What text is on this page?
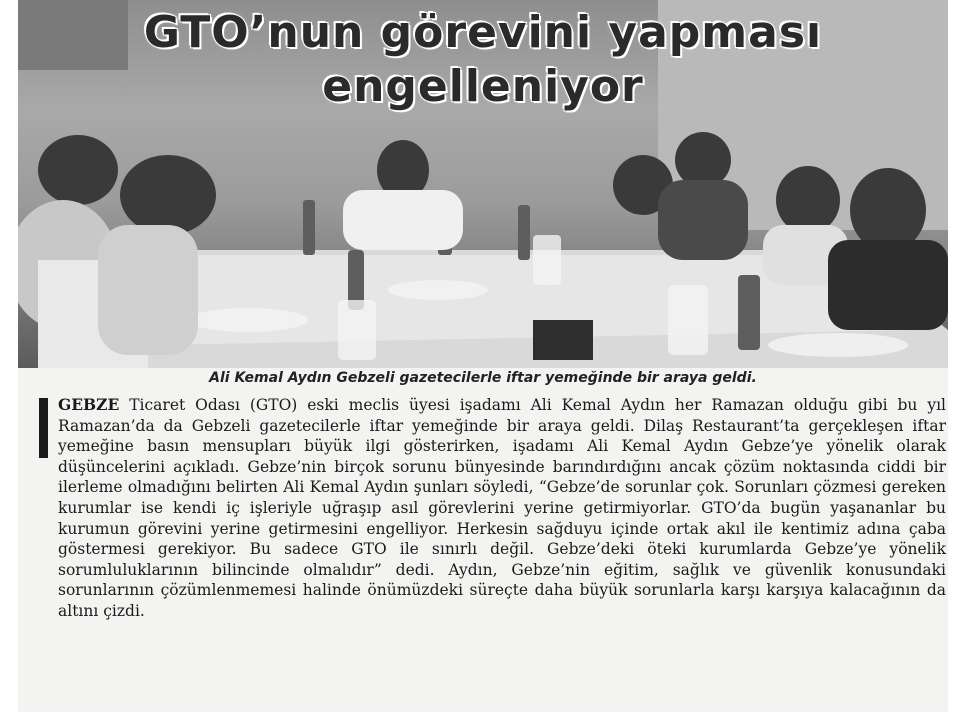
GTO’nun görevini yapması
engelleniyor
Ali Kemal Aydın Gebzeli gazetecilerle iftar yemeğinde bir araya geldi.
GEBZE Ticaret Odası (GTO) eski meclis üyesi işadamı Ali Kemal Aydın her Ramazan olduğu gibi bu yıl Ramazan’da da Gebzeli gazetecilerle iftar yemeğinde bir araya geldi. Dilaş Restaurant’ta gerçekleşen iftar yemeğine basın mensupları büyük ilgi gösterirken, işadamı Ali Kemal Aydın Gebze’ye yönelik olarak düşüncelerini açıkladı. Gebze’nin birçok sorunu bünyesinde barındırdığını ancak çözüm noktasında ciddi bir ilerleme olmadığını belirten Ali Kemal Aydın şunları söyledi, “Gebze’de sorunlar çok. Sorunları çözmesi gereken kurumlar ise kendi iç işleriyle uğraşıp asıl görevlerini yerine getirmiyorlar. GTO’da bugün yaşananlar bu kurumun görevini yerine getirmesini engelliyor. Herkesin sağduyu içinde ortak akıl ile kentimiz adına çaba göstermesi gerekiyor. Bu sadece GTO ile sınırlı değil. Gebze’deki öteki kurumlarda Gebze’ye yönelik sorumluluklarının bilincinde olmalıdır” dedi. Aydın, Gebze’nin eğitim, sağlık ve güvenlik konusundaki sorunlarının çözümlenmemesi halinde önümüzdeki süreçte daha büyük sorunlarla karşı karşıya kalacağının da altını çizdi.
